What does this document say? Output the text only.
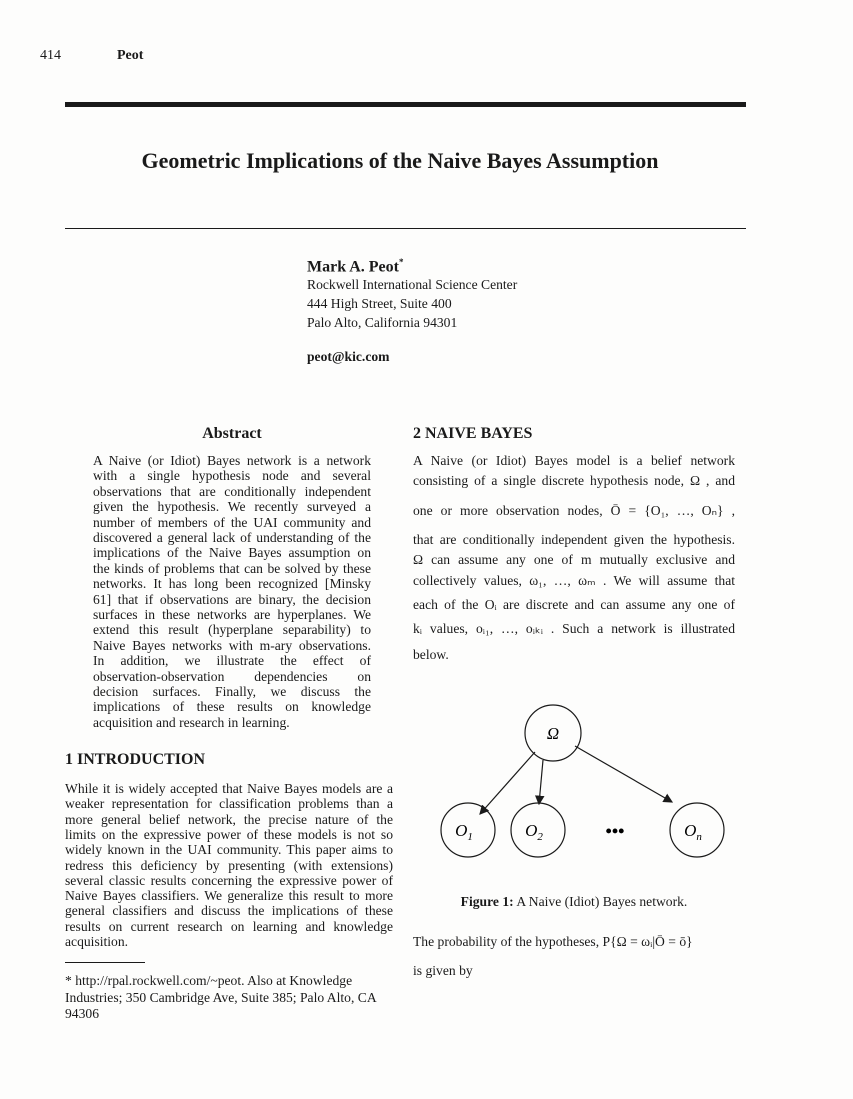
414	Peot
Geometric Implications of the Naive Bayes Assumption
Mark A. Peot*
Rockwell International Science Center
444 High Street, Suite 400
Palo Alto, California 94301
peot@kic.com
Abstract
A Naive (or Idiot) Bayes network is a network
with a single hypothesis node and several
observations that are conditionally independent
given the hypothesis. We recently surveyed a
number of members of the UAI community and
discovered a general lack of understanding of the
implications of the Naive Bayes assumption on
the kinds of problems that can be solved by these
networks. It has long been recognized [Minsky
61] that if observations are binary, the decision
surfaces in these networks are hyperplanes. We
extend this result (hyperplane separability) to
Naive Bayes networks with m-ary observations.
In addition, we illustrate the effect of
observation-observation dependencies on
decision surfaces. Finally, we discuss the
implications of these results on knowledge
acquisition and research in learning.
1 INTRODUCTION
While it is widely accepted that Naive Bayes models are a
weaker representation for classification problems than a
more general belief network, the precise nature of the
limits on the expressive power of these models is not so
widely known in the UAI community. This paper aims to
redress this deficiency by presenting (with extensions)
several classic results concerning the expressive power of
Naive Bayes classifiers. We generalize this result to more
general classifiers and discuss the implications of these
results on current research on learning and knowledge
acquisition.
* http://rpal.rockwell.com/~peot. Also at Knowledge
Industries; 350 Cambridge Ave, Suite 385; Palo Alto, CA
94306
2 NAIVE BAYES
A Naive (or Idiot) Bayes model is a belief network
consisting of a single discrete hypothesis node, Ω , and
one or more observation nodes, Ō = {O₁, …, Oₙ} ,
that are conditionally independent given the hypothesis.
Ω can assume any one of m mutually exclusive and
collectively values, ω₁, …, ωₘ . We will assume that
each of the Oᵢ are discrete and can assume any one of
kᵢ values, oᵢ₁, …, oᵢₖᵢ . Such a network is illustrated
below.
Ω
$O_1$	$O_2$	$O_n$
•••
Figure 1: A Naive (Idiot) Bayes network.
The probability of the hypotheses, P{Ω = ωᵢ|Ō = ō}
is given by
